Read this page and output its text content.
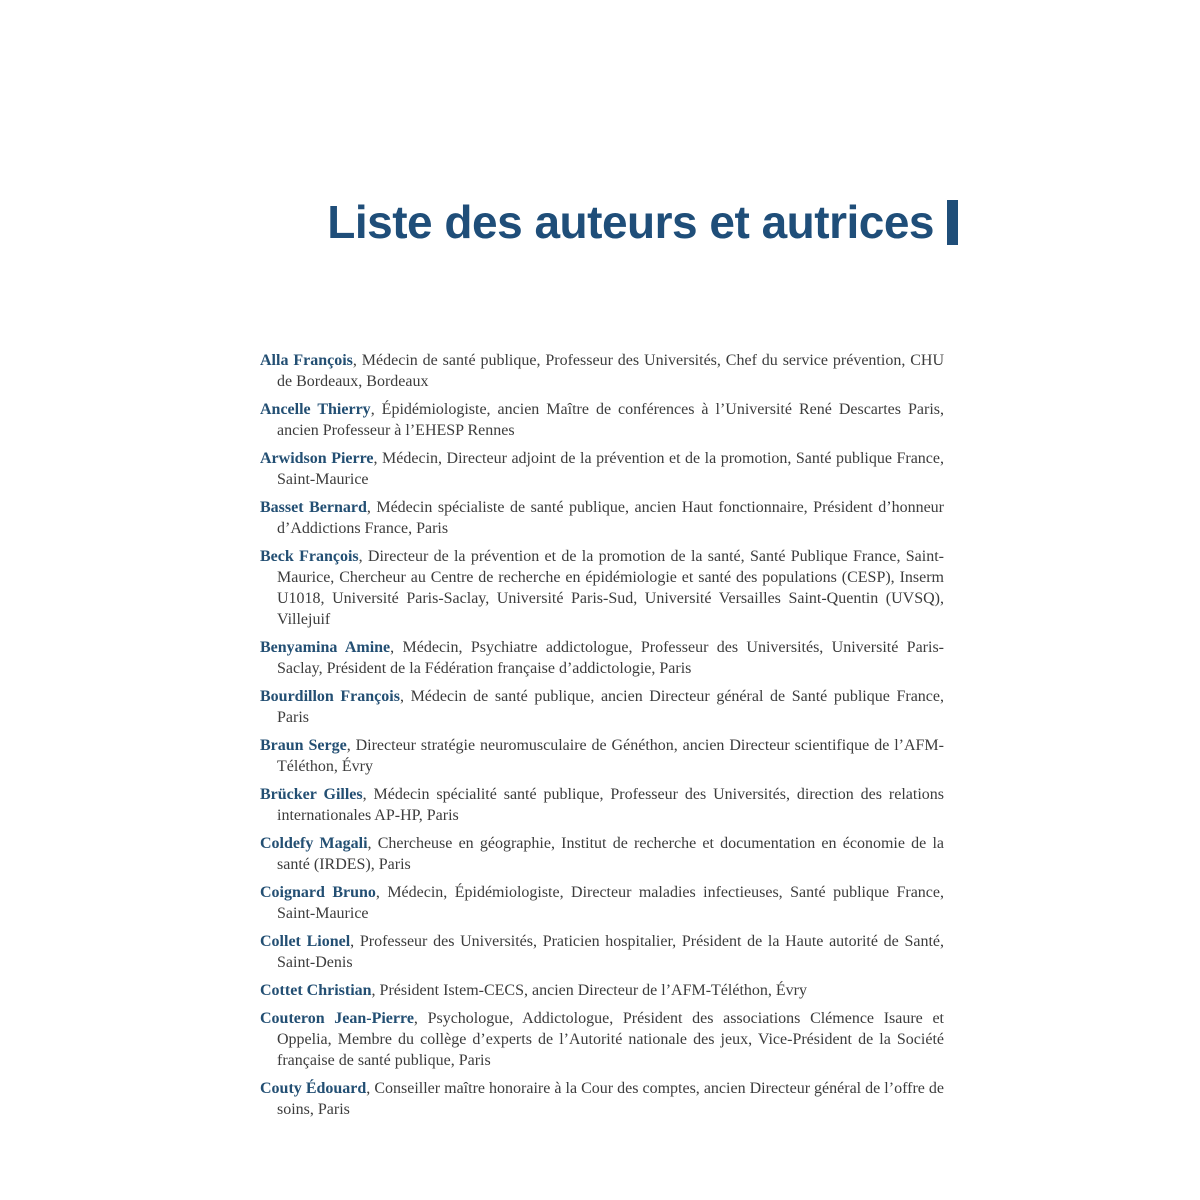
Liste des auteurs et autrices

Alla François, Médecin de santé publique, Professeur des Universités, Chef du service prévention, CHU de Bordeaux, Bordeaux

Ancelle Thierry, Épidémiologiste, ancien Maître de conférences à l’Université René Descartes Paris, ancien Professeur à l’EHESP Rennes

Arwidson Pierre, Médecin, Directeur adjoint de la prévention et de la promotion, Santé publique France, Saint-Maurice

Basset Bernard, Médecin spécialiste de santé publique, ancien Haut fonctionnaire, Président d’honneur d’Addictions France, Paris

Beck François, Directeur de la prévention et de la promotion de la santé, Santé Publique France, Saint-Maurice, Chercheur au Centre de recherche en épidémiologie et santé des populations (CESP), Inserm U1018, Université Paris-Saclay, Université Paris-Sud, Université Versailles Saint-Quentin (UVSQ), Villejuif

Benyamina Amine, Médecin, Psychiatre addictologue, Professeur des Universités, Université Paris-Saclay, Président de la Fédération française d’addictologie, Paris

Bourdillon François, Médecin de santé publique, ancien Directeur général de Santé publique France, Paris

Braun Serge, Directeur stratégie neuromusculaire de Généthon, ancien Directeur scientifique de l’AFM-Téléthon, Évry

Brücker Gilles, Médecin spécialité santé publique, Professeur des Universités, direction des relations internationales AP-HP, Paris

Coldefy Magali, Chercheuse en géographie, Institut de recherche et documentation en économie de la santé (IRDES), Paris

Coignard Bruno, Médecin, Épidémiologiste, Directeur maladies infectieuses, Santé publique France, Saint-Maurice

Collet Lionel, Professeur des Universités, Praticien hospitalier, Président de la Haute autorité de Santé, Saint-Denis

Cottet Christian, Président Istem-CECS, ancien Directeur de l’AFM-Téléthon, Évry

Couteron Jean-Pierre, Psychologue, Addictologue, Président des associations Clémence Isaure et Oppelia, Membre du collège d’experts de l’Autorité nationale des jeux, Vice-Président de la Société française de santé publique, Paris

Couty Édouard, Conseiller maître honoraire à la Cour des comptes, ancien Directeur général de l’offre de soins, Paris
